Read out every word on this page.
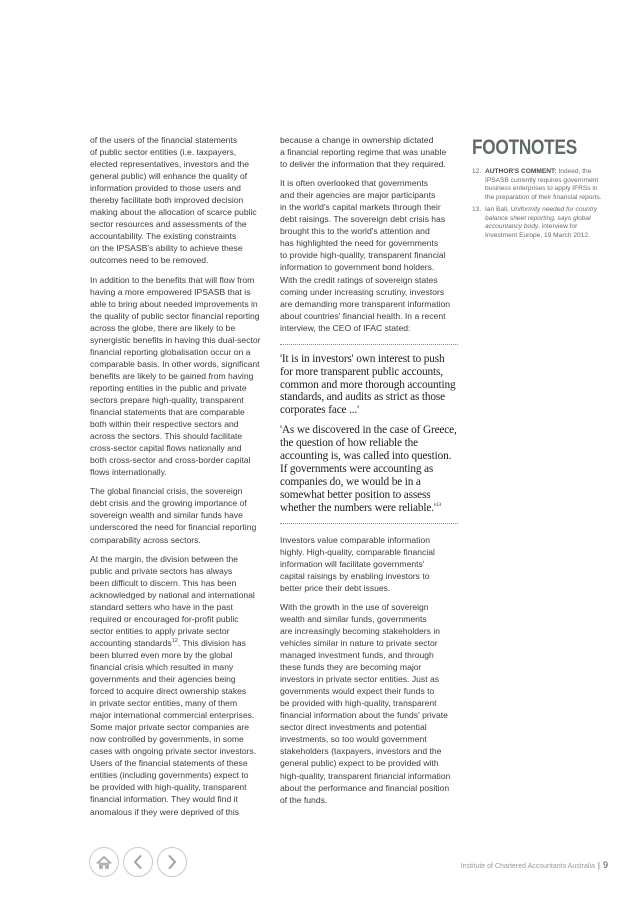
of the users of the financial statements
of public sector entities (i.e. taxpayers,
elected representatives, investors and the
general public) will enhance the quality of
information provided to those users and
thereby facilitate both improved decision
making about the allocation of scarce public
sector resources and assessments of the
accountability. The existing constraints
on the IPSASB's ability to achieve these
outcomes need to be removed.

In addition to the benefits that will flow from
having a more empowered IPSASB that is
able to bring about needed improvements in
the quality of public sector financial reporting
across the globe, there are likely to be
synergistic benefits in having this dual-sector
financial reporting globalisation occur on a
comparable basis. In other words, significant
benefits are likely to be gained from having
reporting entities in the public and private
sectors prepare high-quality, transparent
financial statements that are comparable
both within their respective sectors and
across the sectors. This should facilitate
cross-sector capital flows nationally and
both cross-sector and cross-border capital
flows internationally.

The global financial crisis, the sovereign
debt crisis and the growing importance of
sovereign wealth and similar funds have
underscored the need for financial reporting
comparability across sectors.

At the margin, the division between the
public and private sectors has always
been difficult to discern. This has been
acknowledged by national and international
standard setters who have in the past
required or encouraged for-profit public
sector entities to apply private sector
accounting standards$^{12}$. This division has
been blurred even more by the global
financial crisis which resulted in many
governments and their agencies being
forced to acquire direct ownership stakes
in private sector entities, many of them
major international commercial enterprises.
Some major private sector companies are
now controlled by governments, in some
cases with ongoing private sector investors.
Users of the financial statements of these
entities (including governments) expect to
be provided with high-quality, transparent
financial information. They would find it
anomalous if they were deprived of this

because a change in ownership dictated
a financial reporting regime that was unable
to deliver the information that they required.

It is often overlooked that governments
and their agencies are major participants
in the world's capital markets through their
debt raisings. The sovereign debt crisis has
brought this to the world's attention and
has highlighted the need for governments
to provide high-quality, transparent financial
information to government bond holders.
With the credit ratings of sovereign states
coming under increasing scrutiny, investors
are demanding more transparent information
about countries' financial health. In a recent
interview, the CEO of IFAC stated:

'It is in investors' own interest to push
for more transparent public accounts,
common and more thorough accounting
standards, and audits as strict as those
corporates face ...'

'As we discovered in the case of Greece,
the question of how reliable the
accounting is, was called into question.
If governments were accounting as
companies do, we would be in a
somewhat better position to assess
whether the numbers were $reliable.'^{13}$

Investors value comparable information
highly. High-quality, comparable financial
information will facilitate governments'
capital raisings by enabling investors to
better price their debt issues.

With the growth in the use of sovereign
wealth and similar funds, governments
are increasingly becoming stakeholders in
vehicles similar in nature to private sector
managed investment funds, and through
these funds they are becoming major
investors in private sector entities. Just as
governments would expect their funds to
be provided with high-quality, transparent
financial information about the funds' private
sector direct investments and potential
investments, so too would government
stakeholders (taxpayers, investors and the
general public) expect to be provided with
high-quality, transparent financial information
about the performance and financial position
of the funds.

FOOTNOTES
12. AUTHOR'S COMMENT: Indeed, the
IPSASB currently requires government
business enterprises to apply IFRSs in
the preparation of their financial reports.
13. Ian Ball, Uniformity needed for country
balance sheet reporting, says global
accountancy body, interview for
Investment Europe, 19 March 2012.
Institute of Chartered Accountants Australia | 9
